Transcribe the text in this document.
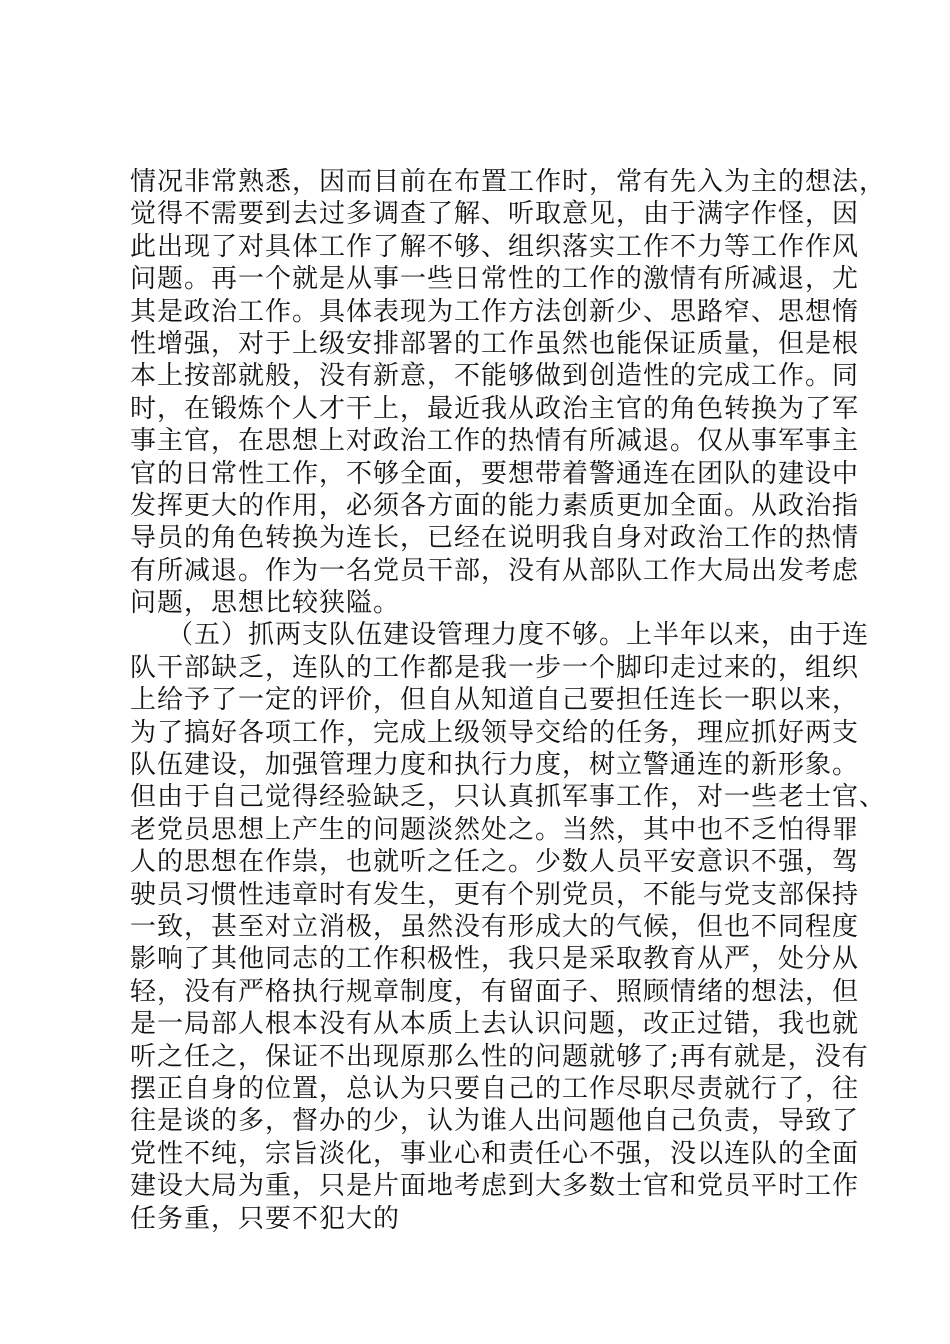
情况非常熟悉，因而目前在布置工作时，常有先入为主的想法，
觉得不需要到去过多调查了解、听取意见，由于满字作怪，因
此出现了对具体工作了解不够、组织落实工作不力等工作作风
问题。再一个就是从事一些日常性的工作的激情有所减退，尤
其是政治工作。具体表现为工作方法创新少、思路窄、思想惰
性增强，对于上级安排部署的工作虽然也能保证质量，但是根
本上按部就般，没有新意，不能够做到创造性的完成工作。同
时，在锻炼个人才干上，最近我从政治主官的角色转换为了军
事主官，在思想上对政治工作的热情有所减退。仅从事军事主
官的日常性工作，不够全面，要想带着警通连在团队的建设中
发挥更大的作用，必须各方面的能力素质更加全面。从政治指
导员的角色转换为连长，已经在说明我自身对政治工作的热情
有所减退。作为一名党员干部，没有从部队工作大局出发考虑
问题，思想比较狭隘。
（五）抓两支队伍建设管理力度不够。上半年以来，由于连
队干部缺乏，连队的工作都是我一步一个脚印走过来的，组织
上给予了一定的评价，但自从知道自己要担任连长一职以来，
为了搞好各项工作，完成上级领导交给的任务，理应抓好两支
队伍建设，加强管理力度和执行力度，树立警通连的新形象。
但由于自己觉得经验缺乏，只认真抓军事工作，对一些老士官、
老党员思想上产生的问题淡然处之。当然，其中也不乏怕得罪
人的思想在作祟，也就听之任之。少数人员平安意识不强，驾
驶员习惯性违章时有发生，更有个别党员，不能与党支部保持
一致，甚至对立消极，虽然没有形成大的气候，但也不同程度
影响了其他同志的工作积极性，我只是采取教育从严，处分从
轻，没有严格执行规章制度，有留面子、照顾情绪的想法，但
是一局部人根本没有从本质上去认识问题，改正过错，我也就
听之任之，保证不出现原那么性的问题就够了;再有就是，没有
摆正自身的位置，总认为只要自己的工作尽职尽责就行了，往
往是谈的多，督办的少，认为谁人出问题他自己负责，导致了
党性不纯，宗旨淡化，事业心和责任心不强，没以连队的全面
建设大局为重，只是片面地考虑到大多数士官和党员平时工作
任务重，只要不犯大的
